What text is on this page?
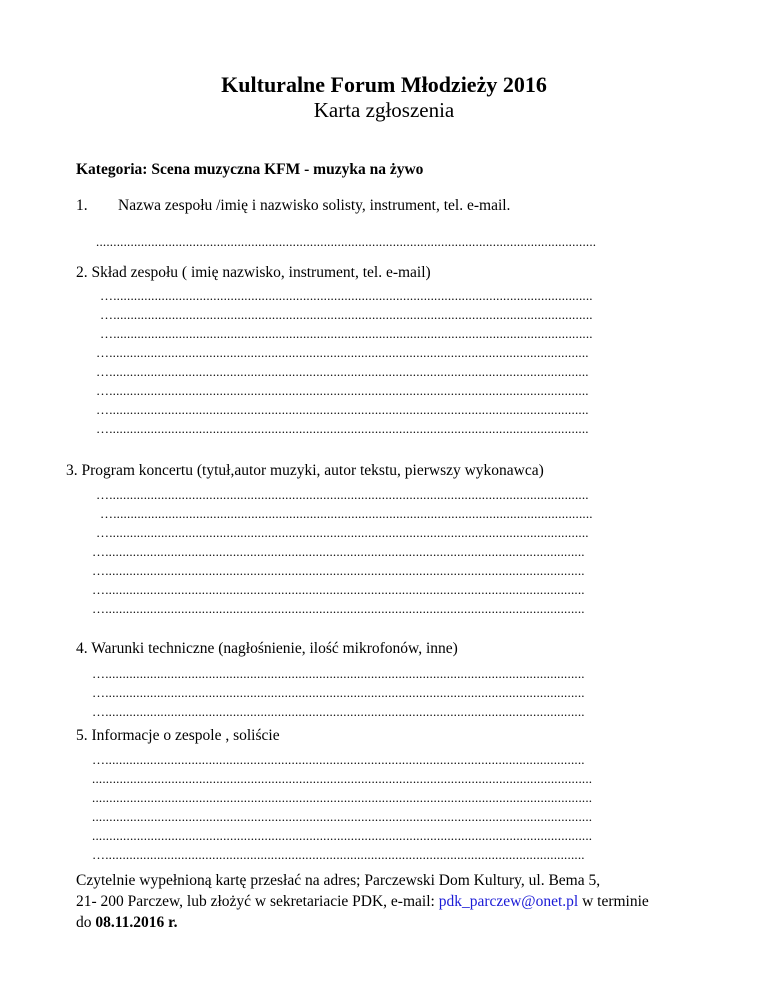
Kulturalne Forum Młodzieży 2016
Karta zgłoszenia
Kategoria: Scena muzyczna KFM - muzyka na żywo
1. Nazwa zespołu /imię i nazwisko solisty, instrument, tel. e-mail.
.................................................................................................................................................
2. Skład zespołu ( imię nazwisko, instrument, tel. e-mail)
…...........................................................................................................................................
…...........................................................................................................................................
…...........................................................................................................................................
…...........................................................................................................................................
…...........................................................................................................................................
…...........................................................................................................................................
…...........................................................................................................................................
…...........................................................................................................................................
3. Program koncertu (tytuł,autor muzyki, autor tekstu, pierwszy wykonawca)
…...........................................................................................................................................
…...........................................................................................................................................
…...........................................................................................................................................
…...........................................................................................................................................
…...........................................................................................................................................
…...........................................................................................................................................
…...........................................................................................................................................
4. Warunki techniczne (nagłośnienie, ilość mikrofonów, inne)
…...........................................................................................................................................
…...........................................................................................................................................
…...........................................................................................................................................
5. Informacje o zespole , soliście
…...........................................................................................................................................
.................................................................................................................................................
.................................................................................................................................................
.................................................................................................................................................
.................................................................................................................................................
…...........................................................................................................................................
Czytelnie wypełnioną kartę przesłać na adres; Parczewski Dom Kultury, ul. Bema 5,
21- 200 Parczew, lub złożyć w sekretariacie PDK, e-mail: pdk_parczew@onet.pl w terminie
do 08.11.2016 r.
